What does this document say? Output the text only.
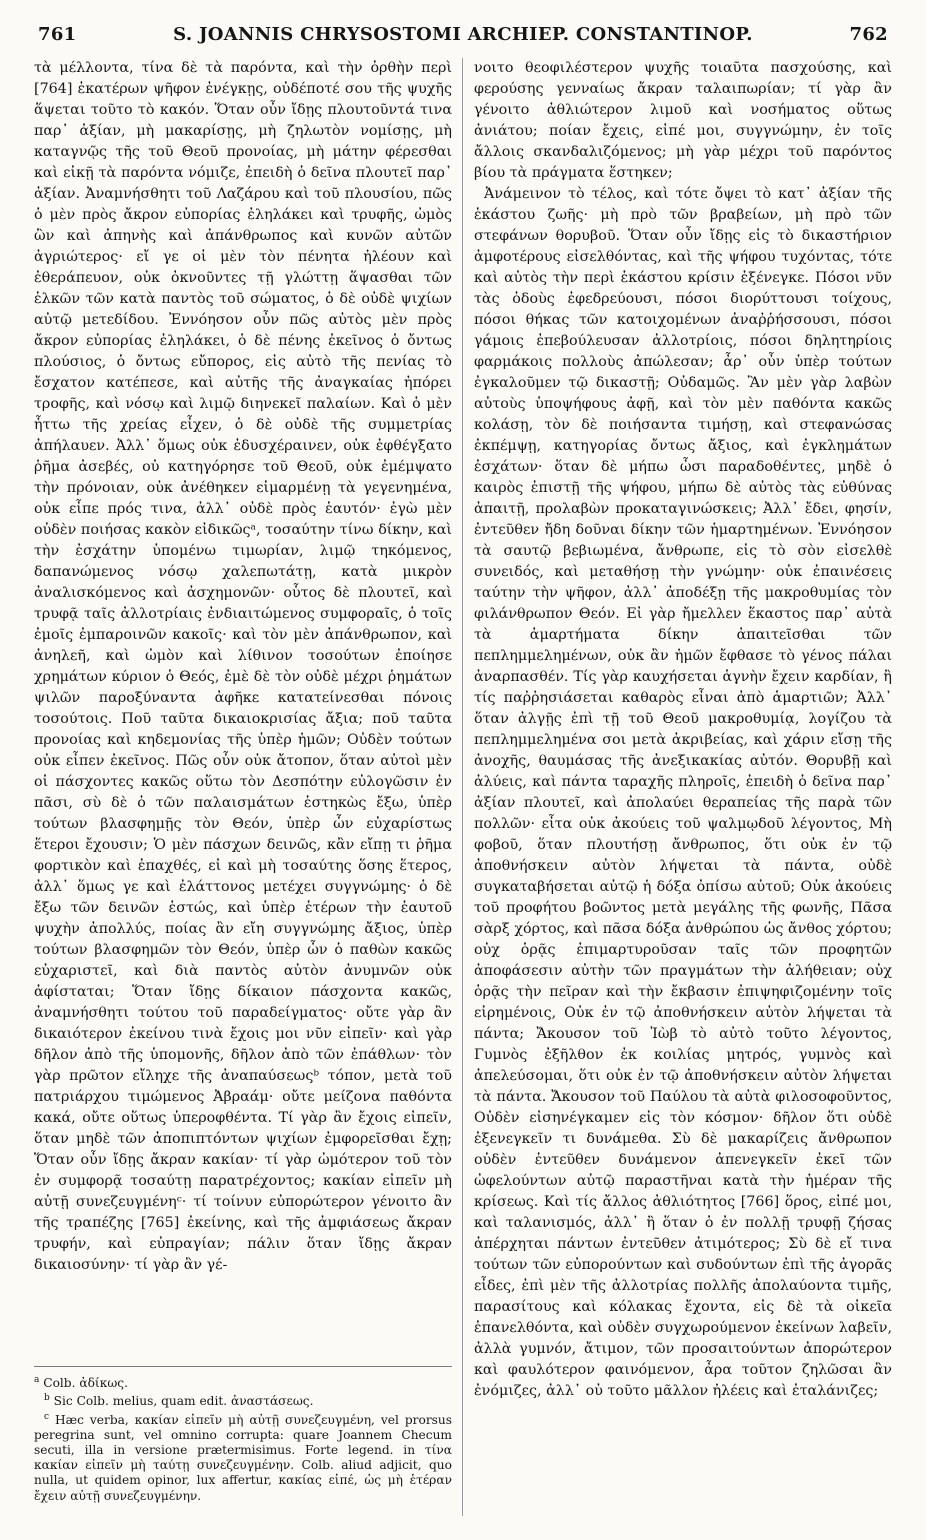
761	S. JOANNIS CHRYSOSTOMI ARCHIEP. CONSTANTINOP.	762

τὰ μέλλοντα, τίνα δὲ τὰ παρόντα, καὶ τὴν ὀρθὴν περὶ [764] ἑκατέρων ψῆφον ἐνέγκῃς, οὐδέποτέ σου τῆς ψυχῆς ἅψεται τοῦτο τὸ κακόν. Ὅταν οὖν ἴδῃς πλουτοῦντά τινα παρ᾽ ἀξίαν, μὴ μακαρίσῃς, μὴ ζηλωτὸν νομίσῃς, μὴ καταγνῷς τῆς τοῦ Θεοῦ προνοίας, μὴ μάτην φέρεσθαι καὶ εἰκῇ τὰ παρόντα νόμιζε, ἐπειδὴ ὁ δεῖνα πλουτεῖ παρ᾽ ἀξίαν. Ἀναμνήσθητι τοῦ Λαζάρου καὶ τοῦ πλουσίου, πῶς ὁ μὲν πρὸς ἄκρον εὐπορίας ἐληλάκει καὶ τρυφῆς, ὠμὸς ὢν καὶ ἀπηνὴς καὶ ἀπάνθρωπος καὶ κυνῶν αὐτῶν ἀγριώτερος· εἴ γε οἱ μὲν τὸν πένητα ἠλέουν καὶ ἐθεράπευον, οὐκ ὀκνοῦντες τῇ γλώττῃ ἅψασθαι τῶν ἑλκῶν τῶν κατὰ παντὸς τοῦ σώματος, ὁ δὲ οὐδὲ ψιχίων αὐτῷ μετεδίδου. Ἐννόησον οὖν πῶς αὐτὸς μὲν πρὸς ἄκρον εὐπορίας ἐληλάκει, ὁ δὲ πένης ἐκεῖνος ὁ ὄντως πλούσιος, ὁ ὄντως εὔπορος, εἰς αὐτὸ τῆς πενίας τὸ ἔσχατον κατέπεσε, καὶ αὐτῆς τῆς ἀναγκαίας ἠπόρει τροφῆς, καὶ νόσῳ καὶ λιμῷ διηνεκεῖ παλαίων. Καὶ ὁ μὲν ἧττω τῆς χρείας εἶχεν, ὁ δὲ οὐδὲ τῆς συμμετρίας ἀπήλαυεν. Ἀλλ᾽ ὅμως οὐκ ἐδυσχέραινεν, οὐκ ἐφθέγξατο ῥῆμα ἀσεβές, οὐ κατηγόρησε τοῦ Θεοῦ, οὐκ ἐμέμψατο τὴν πρόνοιαν, οὐκ ἀνέθηκεν εἱμαρμένῃ τὰ γεγενημένα, οὐκ εἶπε πρός τινα, ἀλλ᾽ οὐδὲ πρὸς ἑαυτόν· ἐγὼ μὲν οὐδὲν ποιήσας κακὸν εἰδικῶςᵃ, τοσαύτην τίνω δίκην, καὶ τὴν ἐσχάτην ὑπομένω τιμωρίαν, λιμῷ τηκόμενος, δαπανώμενος νόσῳ χαλεπωτάτῃ, κατὰ μικρὸν ἀναλισκόμενος καὶ ἀσχημονῶν· οὗτος δὲ πλουτεῖ, καὶ τρυφᾷ ταῖς ἀλλοτρίαις ἐνδιαιτώμενος συμφοραῖς, ὁ τοῖς ἐμοῖς ἐμπαροινῶν κακοῖς· καὶ τὸν μὲν ἀπάνθρωπον, καὶ ἀνηλεῆ, καὶ ὠμὸν καὶ λίθινον τοσούτων ἐποίησε χρημάτων κύριον ὁ Θεός, ἐμὲ δὲ τὸν οὐδὲ μέχρι ῥημάτων ψιλῶν παροξύναντα ἀφῆκε κατατείνεσθαι πόνοις τοσούτοις. Ποῦ ταῦτα δικαιοκρισίας ἄξια; ποῦ ταῦτα προνοίας καὶ κηδεμονίας τῆς ὑπὲρ ἡμῶν; Οὐδὲν τούτων οὐκ εἶπεν ἐκεῖνος. Πῶς οὖν οὐκ ἄτοπον, ὅταν αὐτοὶ μὲν οἱ πάσχοντες κακῶς οὕτω τὸν Δεσπότην εὐλογῶσιν ἐν πᾶσι, σὺ δὲ ὁ τῶν παλαισμάτων ἑστηκὼς ἔξω, ὑπὲρ τούτων βλασφημῇς τὸν Θεόν, ὑπὲρ ὧν εὐχαρίστως ἕτεροι ἔχουσιν; Ὁ μὲν πάσχων δεινῶς, κἂν εἴπῃ τι ῥῆμα φορτικὸν καὶ ἐπαχθές, εἰ καὶ μὴ τοσαύτης ὅσης ἕτερος, ἀλλ᾽ ὅμως γε καὶ ἐλάττονος μετέχει συγγνώμης· ὁ δὲ ἔξω τῶν δεινῶν ἑστώς, καὶ ὑπὲρ ἑτέρων τὴν ἑαυτοῦ ψυχὴν ἀπολλύς, ποίας ἂν εἴη συγγνώμης ἄξιος, ὑπὲρ τούτων βλασφημῶν τὸν Θεόν, ὑπὲρ ὧν ὁ παθὼν κακῶς εὐχαριστεῖ, καὶ διὰ παντὸς αὐτὸν ἀνυμνῶν οὐκ ἀφίσταται; Ὅταν ἴδῃς δίκαιον πάσχοντα κακῶς, ἀναμνήσθητι τούτου τοῦ παραδείγματος· οὔτε γὰρ ἂν δικαιότερον ἐκείνου τινὰ ἔχοις μοι νῦν εἰπεῖν· καὶ γὰρ δῆλον ἀπὸ τῆς ὑπομονῆς, δῆλον ἀπὸ τῶν ἐπάθλων· τὸν γὰρ πρῶτον εἴληχε τῆς ἀναπαύσεωςᵇ τόπον, μετὰ τοῦ πατριάρχου τιμώμενος Ἀβραάμ· οὔτε μείζονα παθόντα κακά, οὔτε οὕτως ὑπεροφθέντα. Τί γὰρ ἂν ἔχοις εἰπεῖν, ὅταν μηδὲ τῶν ἀποπιπτόντων ψιχίων ἐμφορεῖσθαι ἔχῃ; Ὅταν οὖν ἴδῃς ἄκραν κακίαν· τί γὰρ ὠμότερον τοῦ τὸν ἐν συμφορᾷ τοσαύτῃ παρατρέχοντος; κακίαν εἰπεῖν μὴ αὐτῇ συνεζευγμένηᶜ· τί τοίνυν εὐπορώτερον γένοιτο ἂν τῆς τραπέζης [765] ἐκείνης, καὶ τῆς ἀμφιάσεως ἄκραν τρυφήν, καὶ εὐπραγίαν; πάλιν ὅταν ἴδῃς ἄκραν δικαιοσύνην· τί γὰρ ἂν γέ-

$^a$ Colb. ἀδίκως.

$^b$ Sic Colb. melius, quam edit. ἀναστάσεως.

$^c$ Hæc verba, κακίαν εἰπεῖν μὴ αὐτῇ συνεζευγμένη, vel prorsus peregrina sunt, vel omnino corrupta: quare Joannem Checum secuti, illa in versione prætermisimus. Forte legend. in τίνα κακίαν εἰπεῖν μὴ ταύτῃ συνεζευγμένην. Colb. aliud adjicit, quo nulla, ut quidem opinor, lux affertur, κακίας εἰπέ, ὡς μὴ ἑτέραν ἔχειν αὐτῇ συνεζευγμένην.

νοιτο θεοφιλέστερον ψυχῆς τοιαῦτα πασχούσης, καὶ φερούσης γενναίως ἄκραν ταλαιπωρίαν; τί γὰρ ἂν γένοιτο ἀθλιώτερον λιμοῦ καὶ νοσήματος οὕτως ἀνιάτου; ποίαν ἔχεις, εἰπέ μοι, συγγνώμην, ἐν τοῖς ἄλλοις σκανδαλιζόμενος; μὴ γὰρ μέχρι τοῦ παρόντος βίου τὰ πράγματα ἕστηκεν;

Ἀνάμεινον τὸ τέλος, καὶ τότε ὄψει τὸ κατ᾽ ἀξίαν τῆς ἑκάστου ζωῆς· μὴ πρὸ τῶν βραβείων, μὴ πρὸ τῶν στεφάνων θορυβοῦ. Ὅταν οὖν ἴδῃς εἰς τὸ δικαστήριον ἀμφοτέρους εἰσελθόντας, καὶ τῆς ψήφου τυχόντας, τότε καὶ αὐτὸς τὴν περὶ ἑκάστου κρίσιν ἐξένεγκε. Πόσοι νῦν τὰς ὁδοὺς ἐφεδρεύουσι, πόσοι διορύττουσι τοίχους, πόσοι θήκας τῶν κατοιχομένων ἀναῤῥήσσουσι, πόσοι γάμοις ἐπεβούλευσαν ἀλλοτρίοις, πόσοι δηλητηρίοις φαρμάκοις πολλοὺς ἀπώλεσαν; ἆρ᾽ οὖν ὑπὲρ τούτων ἐγκαλοῦμεν τῷ δικαστῇ; Οὐδαμῶς. Ἂν μὲν γὰρ λαβὼν αὐτοὺς ὑποψήφους ἀφῇ, καὶ τὸν μὲν παθόντα κακῶς κολάσῃ, τὸν δὲ ποιήσαντα τιμήσῃ, καὶ στεφανώσας ἐκπέμψῃ, κατηγορίας ὄντως ἄξιος, καὶ ἐγκλημάτων ἐσχάτων· ὅταν δὲ μήπω ὦσι παραδοθέντες, μηδὲ ὁ καιρὸς ἐπιστῇ τῆς ψήφου, μήπω δὲ αὐτὸς τὰς εὐθύνας ἀπαιτῇ, προλαβὼν προκαταγινώσκεις; Ἀλλ᾽ ἔδει, φησίν, ἐντεῦθεν ἤδη δοῦναι δίκην τῶν ἡμαρτημένων. Ἐννόησον τὰ σαυτῷ βεβιωμένα, ἄνθρωπε, εἰς τὸ σὸν εἰσελθὲ συνειδός, καὶ μεταθήσῃ τὴν γνώμην· οὐκ ἐπαινέσεις ταύτην τὴν ψῆφον, ἀλλ᾽ ἀποδέξῃ τῆς μακροθυμίας τὸν φιλάνθρωπον Θεόν. Εἰ γὰρ ἤμελλεν ἕκαστος παρ᾽ αὐτὰ τὰ ἁμαρτήματα δίκην ἀπαιτεῖσθαι τῶν πεπλημμελημένων, οὐκ ἂν ἡμῶν ἔφθασε τὸ γένος πάλαι ἀναρπασθέν. Τίς γὰρ καυχήσεται ἁγνὴν ἔχειν καρδίαν, ἢ τίς παῤῥησιάσεται καθαρὸς εἶναι ἀπὸ ἁμαρτιῶν; Ἀλλ᾽ ὅταν ἀλγῇς ἐπὶ τῇ τοῦ Θεοῦ μακροθυμίᾳ, λογίζου τὰ πεπλημμελημένα σοι μετὰ ἀκριβείας, καὶ χάριν εἴσῃ τῆς ἀνοχῆς, θαυμάσας τῆς ἀνεξικακίας αὐτόν. Θορυβῇ καὶ ἀλύεις, καὶ πάντα ταραχῆς πληροῖς, ἐπειδὴ ὁ δεῖνα παρ᾽ ἀξίαν πλουτεῖ, καὶ ἀπολαύει θεραπείας τῆς παρὰ τῶν πολλῶν· εἶτα οὐκ ἀκούεις τοῦ ψαλμῳδοῦ λέγοντος, Μὴ φοβοῦ, ὅταν πλουτήσῃ ἄνθρωπος, ὅτι οὐκ ἐν τῷ ἀποθνήσκειν αὐτὸν λήψεται τὰ πάντα, οὐδὲ συγκαταβήσεται αὐτῷ ἡ δόξα ὀπίσω αὐτοῦ; Οὐκ ἀκούεις τοῦ προφήτου βοῶντος μετὰ μεγάλης τῆς φωνῆς, Πᾶσα σὰρξ χόρτος, καὶ πᾶσα δόξα ἀνθρώπου ὡς ἄνθος χόρτου; οὐχ ὁρᾷς ἐπιμαρτυροῦσαν ταῖς τῶν προφητῶν ἀποφάσεσιν αὐτὴν τῶν πραγμάτων τὴν ἀλήθειαν; οὐχ ὁρᾷς τὴν πεῖραν καὶ τὴν ἔκβασιν ἐπιψηφιζομένην τοῖς εἰρημένοις, Οὐκ ἐν τῷ ἀποθνήσκειν αὐτὸν λήψεται τὰ πάντα; Ἄκουσον τοῦ Ἰὼβ τὸ αὐτὸ τοῦτο λέγοντος, Γυμνὸς ἐξῆλθον ἐκ κοιλίας μητρός, γυμνὸς καὶ ἀπελεύσομαι, ὅτι οὐκ ἐν τῷ ἀποθνήσκειν αὐτὸν λήψεται τὰ πάντα. Ἄκουσον τοῦ Παύλου τὰ αὐτὰ φιλοσοφοῦντος, Οὐδὲν εἰσηνέγκαμεν εἰς τὸν κόσμον· δῆλον ὅτι οὐδὲ ἐξενεγκεῖν τι δυνάμεθα. Σὺ δὲ μακαρίζεις ἄνθρωπον οὐδὲν ἐντεῦθεν δυνάμενον ἀπενεγκεῖν ἐκεῖ τῶν ὠφελούντων αὐτῷ παραστῆναι κατὰ τὴν ἡμέραν τῆς κρίσεως. Καὶ τίς ἄλλος ἀθλιότητος [766] ὅρος, εἰπέ μοι, καὶ ταλανισμός, ἀλλ᾽ ἢ ὅταν ὁ ἐν πολλῇ τρυφῇ ζήσας ἀπέρχηται πάντων ἐντεῦθεν ἀτιμότερος; Σὺ δὲ εἴ τινα τούτων τῶν εὐπορούντων καὶ συδούντων ἐπὶ τῆς ἀγορᾶς εἶδες, ἐπὶ μὲν τῆς ἀλλοτρίας πολλῆς ἀπολαύοντα τιμῆς, παρασίτους καὶ κόλακας ἔχοντα, εἰς δὲ τὰ οἰκεῖα ἐπανελθόντα, καὶ οὐδὲν συγχωρούμενον ἐκείνων λαβεῖν, ἀλλὰ γυμνόν, ἄτιμον, τῶν προσαιτούντων ἀπορώτερον καὶ φαυλότερον φαινόμενον, ἆρα τοῦτον ζηλῶσαι ἂν ἐνόμιζες, ἀλλ᾽ οὐ τοῦτο μᾶλλον ἠλέεις καὶ ἐταλάνιζες;
